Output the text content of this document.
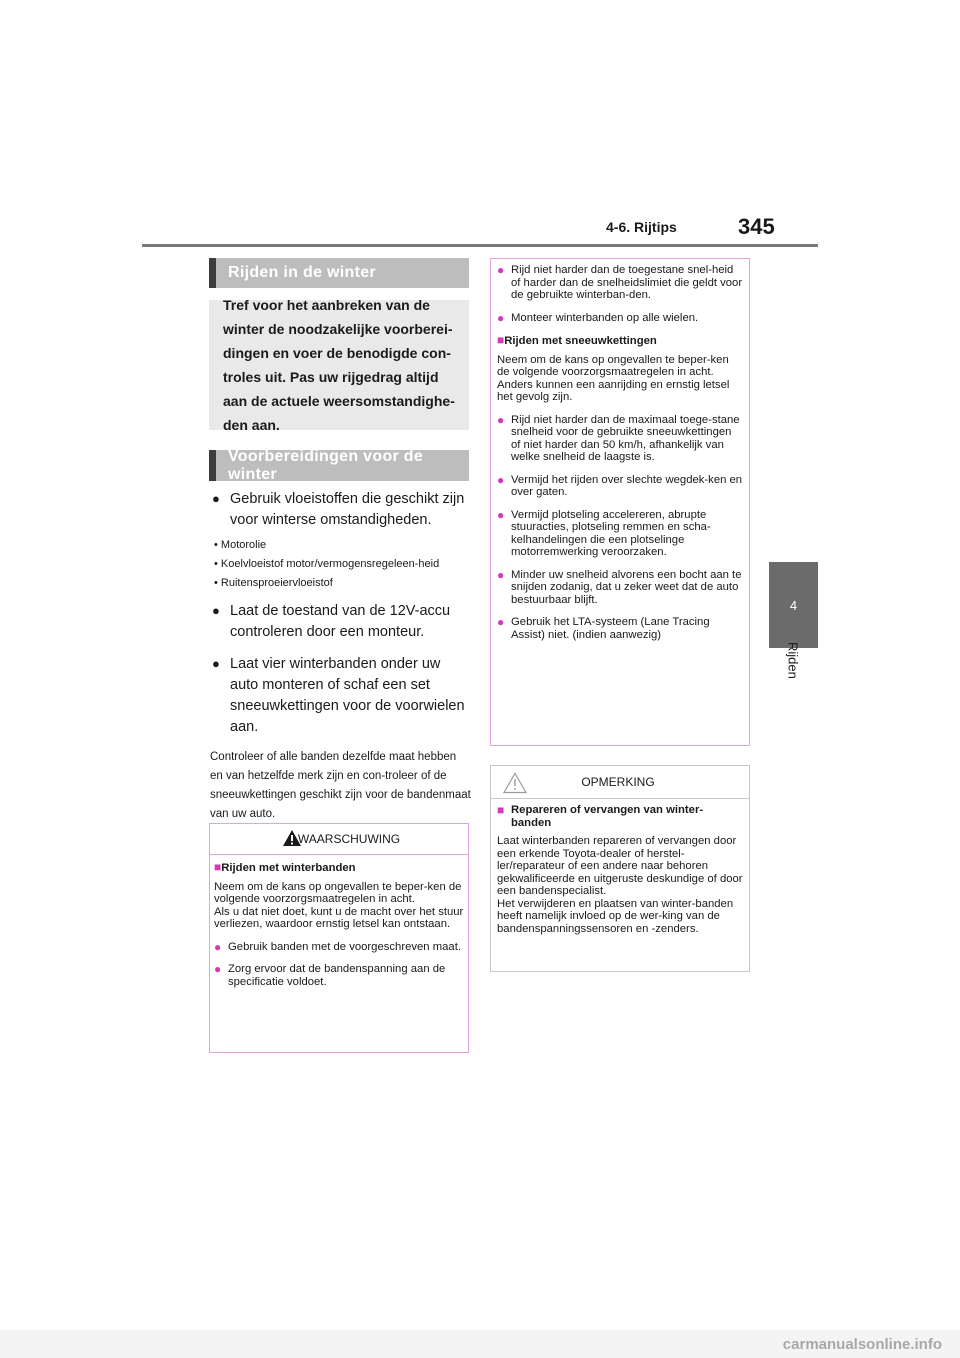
4-6. Rijtips	345
4
Rijden
Rijden in de winter
Tref voor het aanbreken van de winter de noodzakelijke voorberei-dingen en voer de benodigde con-troles uit. Pas uw rijgedrag altijd aan de actuele weersomstandighe-den aan.
Voorbereidingen voor de winter
● Gebruik vloeistoffen die geschikt zijn voor winterse omstandigheden.
• Motorolie
• Koelvloeistof motor/vermogensregeleen-heid
• Ruitensproeiervloeistof
● Laat de toestand van de 12V-accu controleren door een monteur.
● Laat vier winterbanden onder uw auto monteren of schaf een set sneeuwkettingen voor de voorwielen aan.
Controleer of alle banden dezelfde maat hebben en van hetzelfde merk zijn en con-troleer of de sneeuwkettingen geschikt zijn voor de bandenmaat van uw auto.
WAARSCHUWING
■Rijden met winterbanden
Neem om de kans op ongevallen te beper-ken de volgende voorzorgsmaatregelen in acht.
Als u dat niet doet, kunt u de macht over het stuur verliezen, waardoor ernstig letsel kan ontstaan.
● Gebruik banden met de voorgeschreven maat.
● Zorg ervoor dat de bandenspanning aan de specificatie voldoet.
● Rijd niet harder dan de toegestane snel-heid of harder dan de snelheidslimiet die geldt voor de gebruikte winterban-den.
● Monteer winterbanden op alle wielen.
■Rijden met sneeuwkettingen
Neem om de kans op ongevallen te beper-ken de volgende voorzorgsmaatregelen in acht.
Anders kunnen een aanrijding en ernstig letsel het gevolg zijn.
● Rijd niet harder dan de maximaal toege-stane snelheid voor de gebruikte sneeuwkettingen of niet harder dan 50 km/h, afhankelijk van welke snelheid de laagste is.
● Vermijd het rijden over slechte wegdek-ken en over gaten.
● Vermijd plotseling accelereren, abrupte stuuracties, plotseling remmen en scha-kelhandelingen die een plotselinge motorremwerking veroorzaken.
● Minder uw snelheid alvorens een bocht aan te snijden zodanig, dat u zeker weet dat de auto bestuurbaar blijft.
● Gebruik het LTA-systeem (Lane Tracing Assist) niet. (indien aanwezig)
OPMERKING
■ Repareren of vervangen van winter-banden
Laat winterbanden repareren of vervangen door een erkende Toyota-dealer of herstel-ler/reparateur of een andere naar behoren gekwalificeerde en uitgeruste deskundige of door een bandenspecialist.
Het verwijderen en plaatsen van winter-banden heeft namelijk invloed op de wer-king van de bandenspanningssensoren en -zenders.
carmanualsonline.info
